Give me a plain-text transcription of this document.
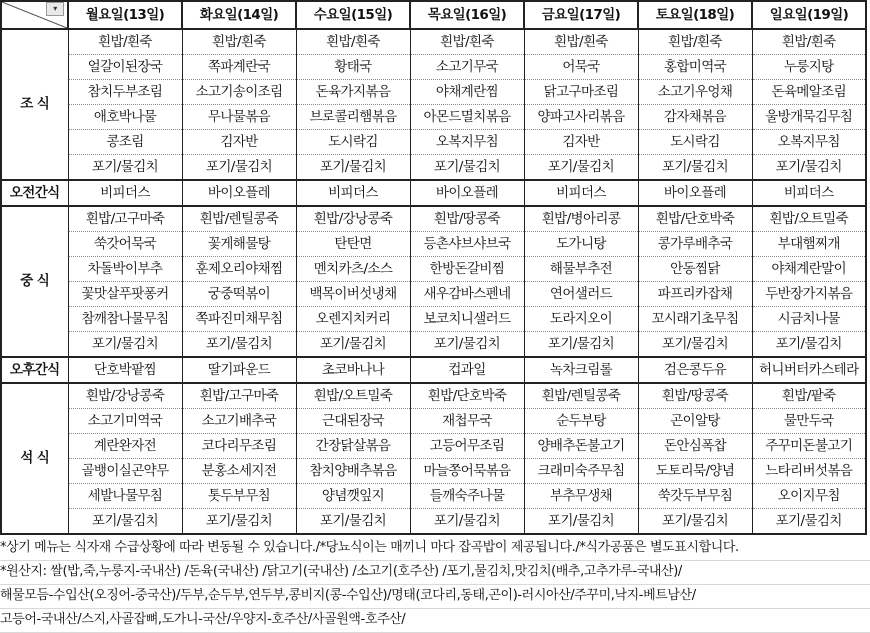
▾	월요일(13일)	화요일(14일)	수요일(15일)	목요일(16일)	금요일(17일)	토요일(18일)	일요일(19일)
조 식	흰밥/흰죽	흰밥/흰죽	흰밥/흰죽	흰밥/흰죽	흰밥/흰죽	흰밥/흰죽	흰밥/흰죽
	얼갈이된장국	쪽파계란국	황태국	소고기무국	어묵국	홍합미역국	누룽지탕
	참치두부조림	소고기송이조림	돈육가지볶음	야채계란찜	닭고구마조림	소고기우엉채	돈육메알조림
	애호박나물	무나물볶음	브로콜리햄볶음	아몬드멸치볶음	양파고사리볶음	감자채볶음	울방개묵김무침
	콩조림	김자반	도시락김	오복지무침	김자반	도시락김	오복지무침
	포기/물김치	포기/물김치	포기/물김치	포기/물김치	포기/물김치	포기/물김치	포기/물김치
오전간식	비피더스	바이오플레	비피더스	바이오플레	비피더스	바이오플레	비피더스
중 식	흰밥/고구마죽	흰밥/렌틸콩죽	흰밥/강낭콩죽	흰밥/땅콩죽	흰밥/병아리콩	흰밥/단호박죽	흰밥/오트밀죽
	쑥갓어묵국	꽃게해물탕	탄탄면	등촌샤브샤브국	도가니탕	콩가루배추국	부대햄찌개
	차돌박이부추	훈제오리야채찜	멘치카츠/소스	한방돈갈비찜	해물부추전	안동찜닭	야채계란말이
	꽃맛살푸팟퐁커	궁중떡볶이	백목이버섯냉채	새우감바스펜네	연어샐러드	파프리카잡채	두반장가지볶음
	참깨참나물무침	쪽파진미채무침	오렌지치커리	보코치니샐러드	도라지오이	꼬시래기초무침	시금치나물
	포기/물김치	포기/물김치	포기/물김치	포기/물김치	포기/물김치	포기/물김치	포기/물김치
오후간식	단호박팥찜	딸기파운드	초코바나나	컵과일	녹차크림롤	검은콩두유	허니버터카스테라
석 식	흰밥/강낭콩죽	흰밥/고구마죽	흰밥/오트밀죽	흰밥/단호박죽	흰밥/렌틸콩죽	흰밥/땅콩죽	흰밥/팥죽
	소고기미역국	소고기배추국	근대된장국	재첩무국	순두부탕	곤이알탕	물만두국
	계란완자전	코다리무조림	간장닭살볶음	고등어무조림	양배추돈불고기	돈안심폭찹	주꾸미돈불고기
	골뱅이실곤약무	분홍소세지전	참치양배추볶음	마늘쫑어묵볶음	크래미숙주무침	도토리묵/양념	느타리버섯볶음
	세발나물무침	톳두부무침	양념깻잎지	들깨숙주나물	부추무생채	쑥갓두부무침	오이지무침
	포기/물김치	포기/물김치	포기/물김치	포기/물김치	포기/물김치	포기/물김치	포기/물김치
*상기 메뉴는 식자재 수급상황에 따라 변동될 수 있습니다./*당뇨식이는 매끼니 마다 잡곡밥이 제공됩니다./*식가공품은 별도표시합니다.
*원산지: 쌀(밥,죽,누룽지-국내산) /돈육(국내산) /닭고기(국내산) /소고기(호주산) /포기,물김치,맛김치(배추,고추가루-국내산)/
해물모듬-수입산(오징어-중국산)/두부,순두부,연두부,콩비지(콩-수입산)/명태(코다리,동태,곤이)-러시아산/주꾸미,낙지-베트남산/
고등어-국내산/스지,사골잡뼈,도가니-국산/우양지-호주산/사골원액-호주산/
